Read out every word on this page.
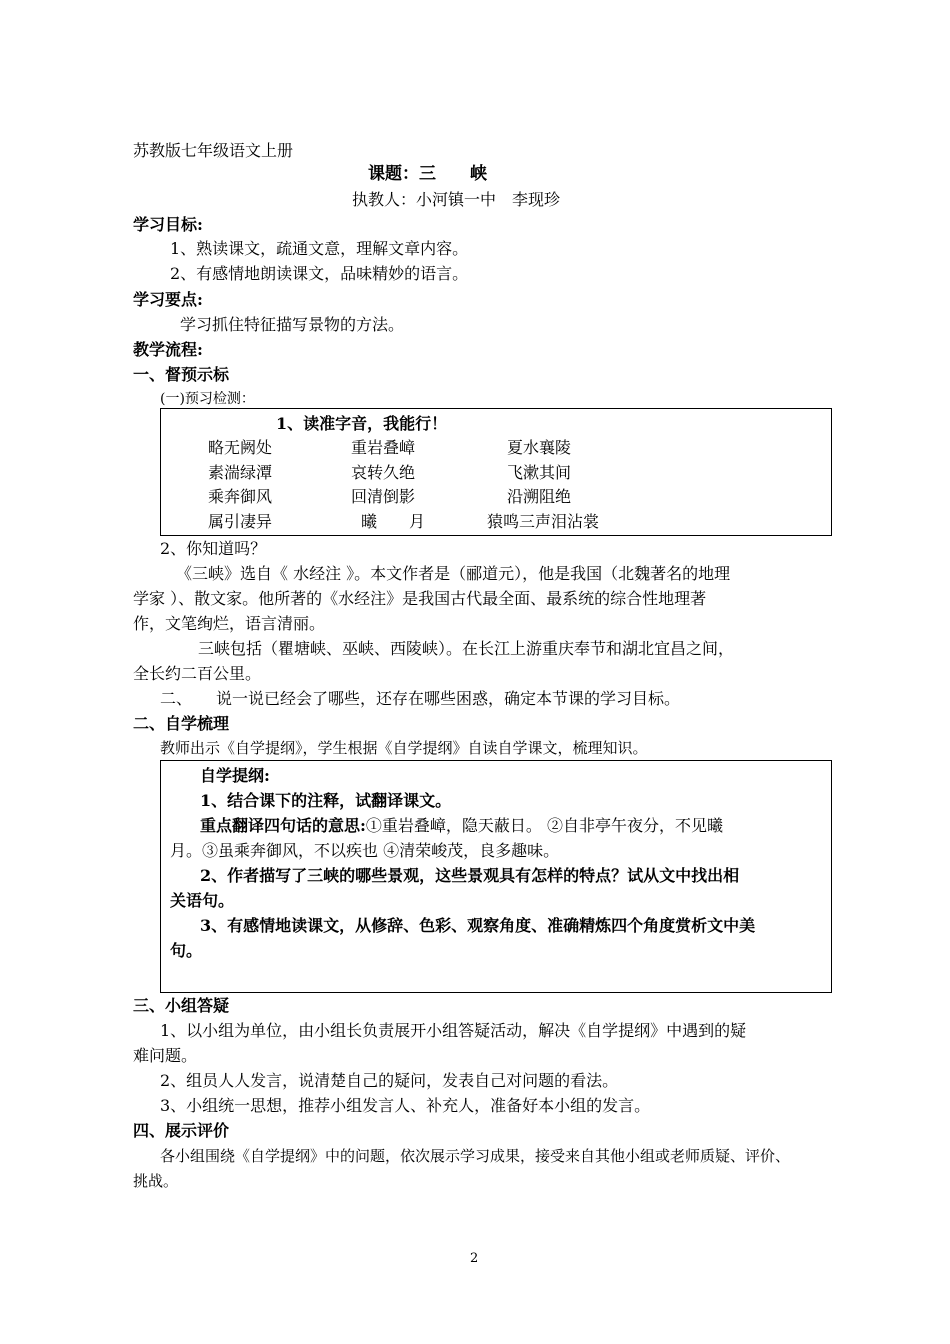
苏教版七年级语文上册
课题：三　　峡
执教人：小河镇一中　李现珍
学习目标:
1、熟读课文，疏通文意，理解文章内容。
2、有感情地朗读课文，品味精妙的语言。
学习要点:
学习抓住特征描写景物的方法。
教学流程:
一、督预示标
(一)预习检测：
1、读准字音，我能行！
略无阙处	重岩叠嶂	夏水襄陵
素湍绿潭	哀转久绝	飞漱其间
乘奔御风	回清倒影	沿溯阻绝
属引凄异	曦　　月	猿鸣三声泪沾裳
2、你知道吗？
《三峡》选自《 水经注 》。本文作者是（郦道元），他是我国（北魏著名的地理
学家 ）、散文家。他所著的《水经注》是我国古代最全面、最系统的综合性地理著
作，文笔绚烂，语言清丽。
三峡包括（瞿塘峡、巫峡、西陵峡）。在长江上游重庆奉节和湖北宜昌之间，
全长约二百公里。
二、　　说一说已经会了哪些，还存在哪些困惑，确定本节课的学习目标。
二、自学梳理
教师出示《自学提纲》，学生根据《自学提纲》自读自学课文，梳理知识。
自学提纲:
1、结合课下的注释，试翻译课文。
重点翻译四句话的意思:①重岩叠嶂，隐天蔽日。 ②自非亭午夜分，不见曦
月。③虽乘奔御风，不以疾也 ④清荣峻茂，良多趣味。
2、作者描写了三峡的哪些景观，这些景观具有怎样的特点？试从文中找出相
关语句。
3、有感情地读课文，从修辞、色彩、观察角度、准确精炼四个角度赏析文中美
句。
三、小组答疑
1、以小组为单位，由小组长负责展开小组答疑活动，解决《自学提纲》中遇到的疑
难问题。
2、组员人人发言，说清楚自己的疑问，发表自己对问题的看法。
3、小组统一思想，推荐小组发言人、补充人，准备好本小组的发言。
四、展示评价
各小组围绕《自学提纲》中的问题，依次展示学习成果，接受来自其他小组或老师质疑、评价、
挑战。
2
